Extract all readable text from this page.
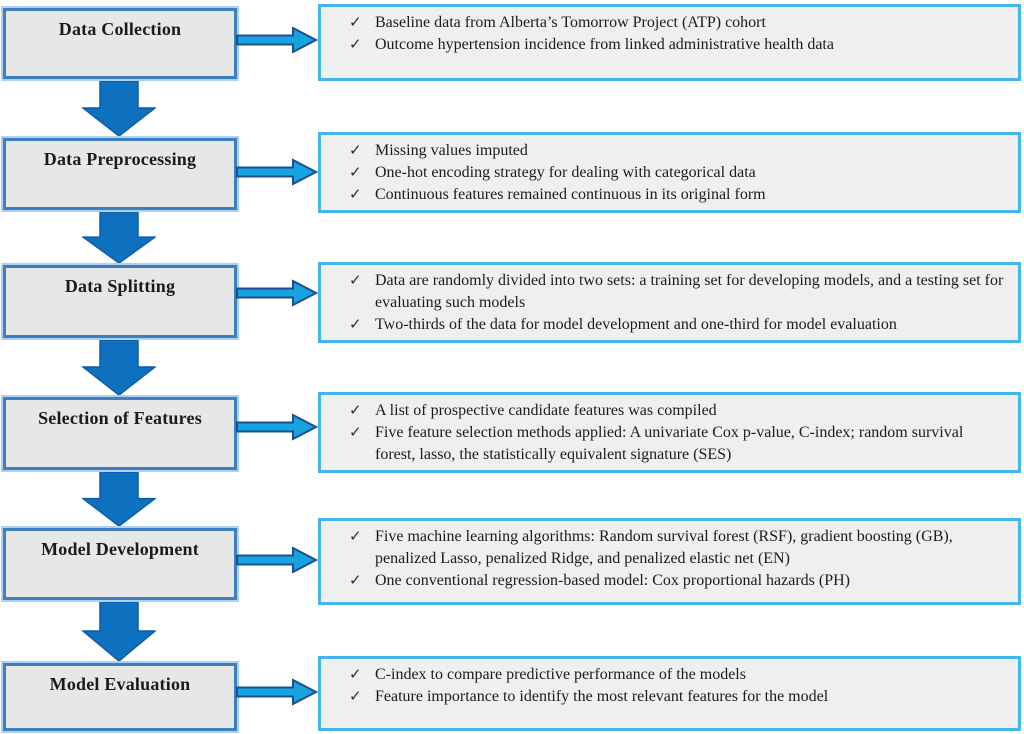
Data Collection	✓ Baseline data from Alberta’s Tomorrow Project (ATP) cohort
✓ Outcome hypertension incidence from linked administrative health data
Data Preprocessing	✓ Missing values imputed
✓ One-hot encoding strategy for dealing with categorical data
✓ Continuous features remained continuous in its original form
Data Splitting	✓ Data are randomly divided into two sets: a training set for developing models, and a testing set for evaluating such models
✓ Two-thirds of the data for model development and one-third for model evaluation
Selection of Features	✓ A list of prospective candidate features was compiled
✓ Five feature selection methods applied: A univariate Cox p-value, C-index; random survival forest, lasso, the statistically equivalent signature (SES)
Model Development
✓ Five machine learning algorithms: Random survival forest (RSF), gradient boosting (GB), penalized Lasso, penalized Ridge, and penalized elastic net (EN)
✓ One conventional regression-based model: Cox proportional hazards (PH)
Model Evaluation	✓ C-index to compare predictive performance of the models
✓ Feature importance to identify the most relevant features for the model
